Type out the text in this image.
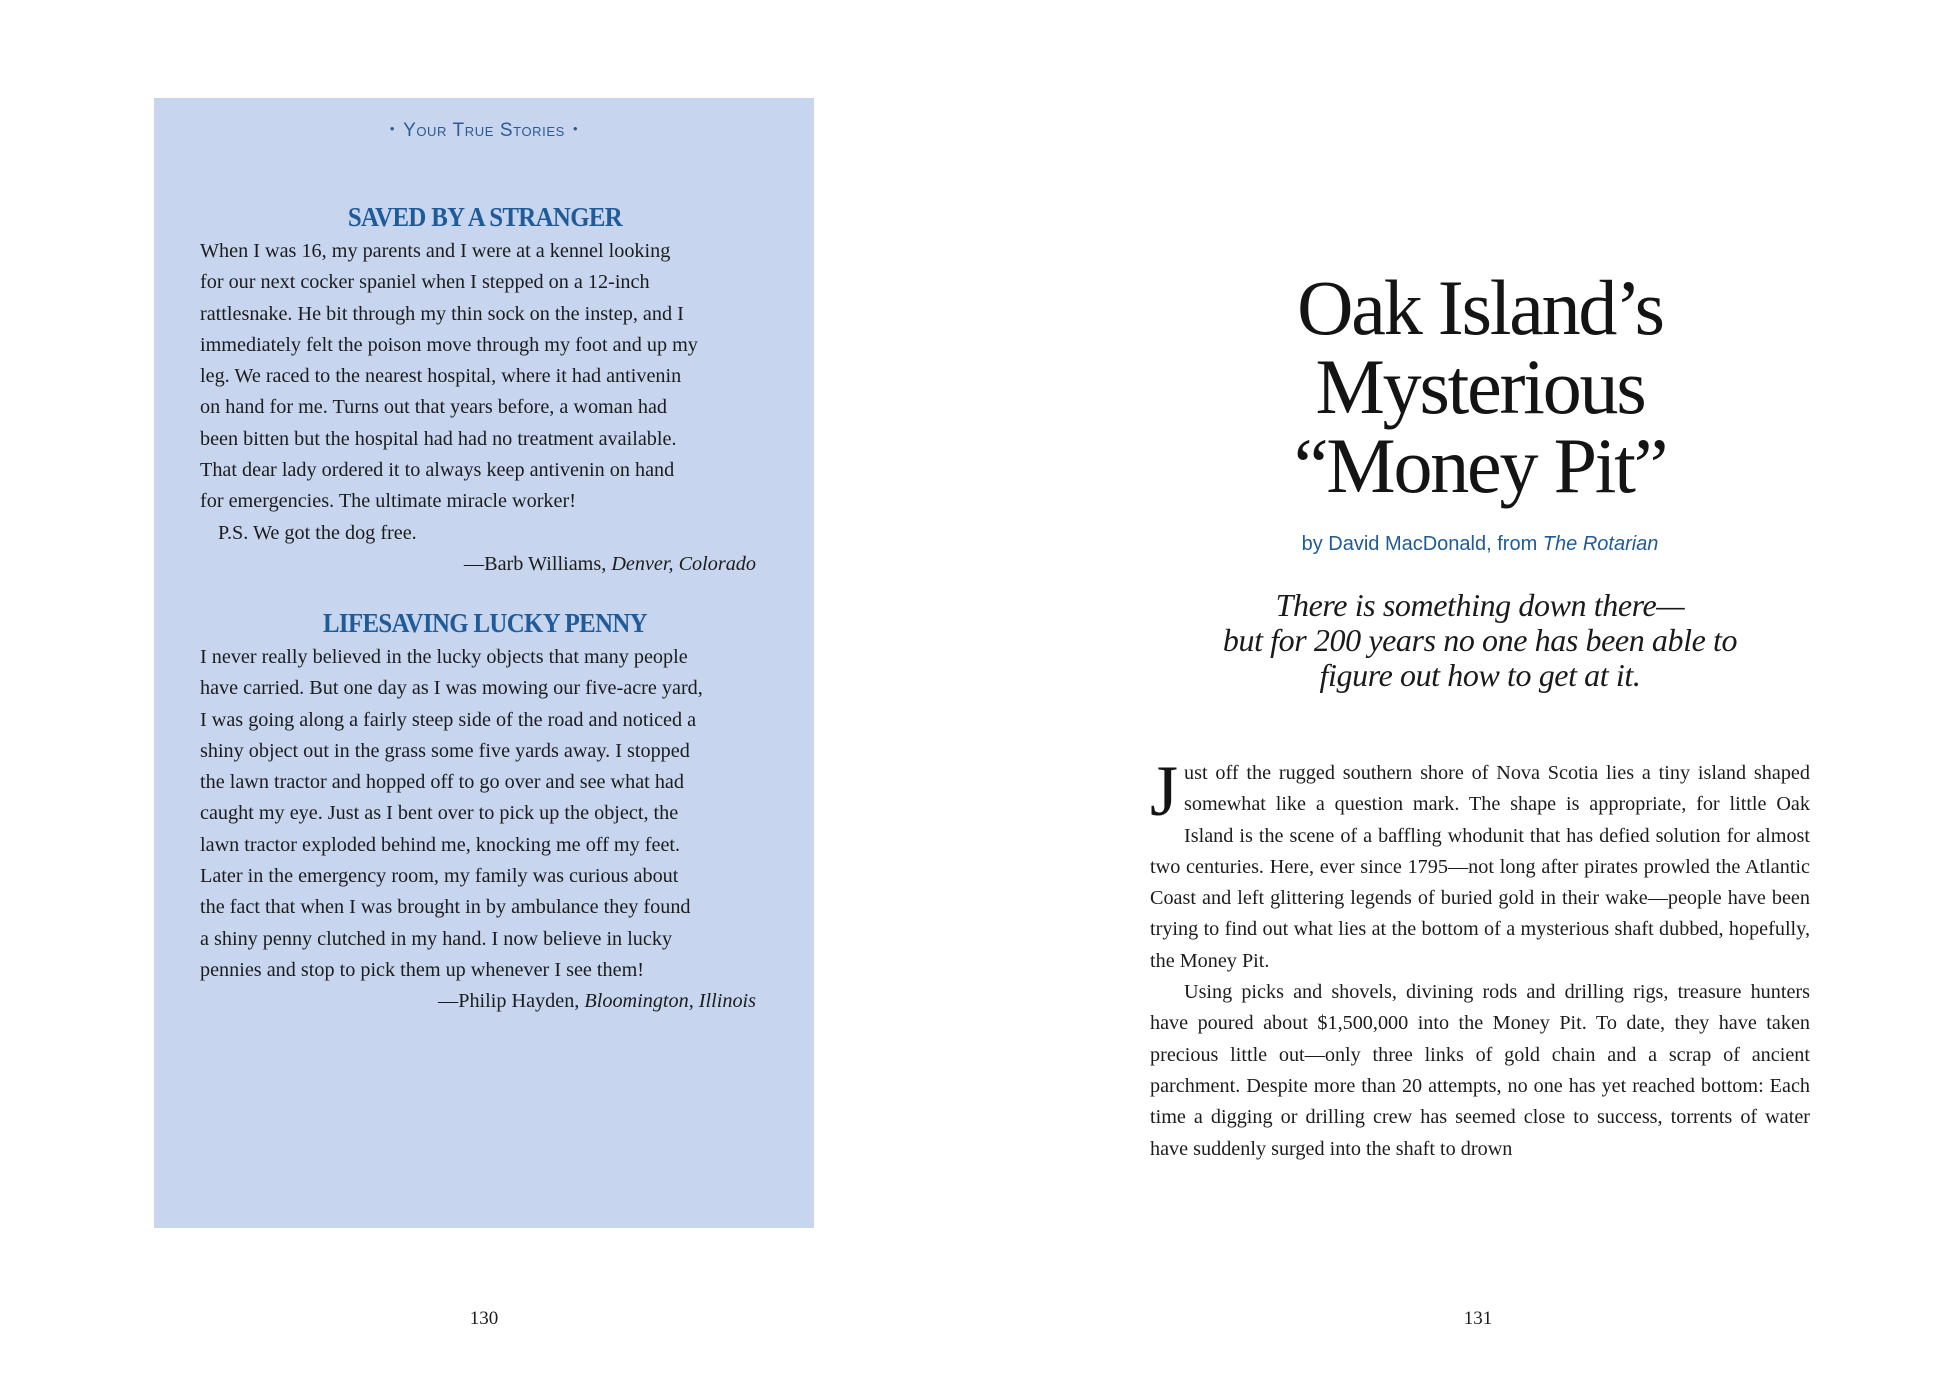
• Your True Stories •
SAVED BY A STRANGER

When I was 16, my parents and I were at a kennel looking

for our next cocker spaniel when I stepped on a 12-inch

rattlesnake. He bit through my thin sock on the instep, and I

immediately felt the poison move through my foot and up my

leg. We raced to the nearest hospital, where it had antivenin

on hand for me. Turns out that years before, a woman had

been bitten but the hospital had had no treatment available.

That dear lady ordered it to always keep antivenin on hand

for emergencies. The ultimate miracle worker!

P.S. We got the dog free.

—Barb Williams, Denver, Colorado
LIFESAVING LUCKY PENNY

I never really believed in the lucky objects that many people

have carried. But one day as I was mowing our five-acre yard,

I was going along a fairly steep side of the road and noticed a

shiny object out in the grass some five yards away. I stopped

the lawn tractor and hopped off to go over and see what had

caught my eye. Just as I bent over to pick up the object, the

lawn tractor exploded behind me, knocking me off my feet.

Later in the emergency room, my family was curious about

the fact that when I was brought in by ambulance they found

a shiny penny clutched in my hand. I now believe in lucky

pennies and stop to pick them up whenever I see them!

—Philip Hayden, Bloomington, Illinois
130
Oak Island’s
Mysterious
“Money Pit”
by David MacDonald, from The Rotarian
There is something down there—
but for 200 years no one has been able to
figure out how to get at it.

Just off the rugged southern shore of Nova Scotia lies a tiny island shaped somewhat like a question mark. The shape is appropriate, for little Oak Island is the scene of a baffling whodunit that has defied solution for almost two centuries. Here, ever since 1795—not long after pirates prowled the Atlantic Coast and left glittering legends of buried gold in their wake—people have been trying to find out what lies at the bottom of a mysterious shaft dubbed, hopefully, the Money Pit.

Using picks and shovels, divining rods and drilling rigs, treasure hunters have poured about $1,500,000 into the Money Pit. To date, they have taken precious little out—only three links of gold chain and a scrap of ancient parchment. Despite more than 20 attempts, no one has yet reached bottom: Each time a digging or drilling crew has seemed close to success, torrents of water have suddenly surged into the shaft to drown

131
